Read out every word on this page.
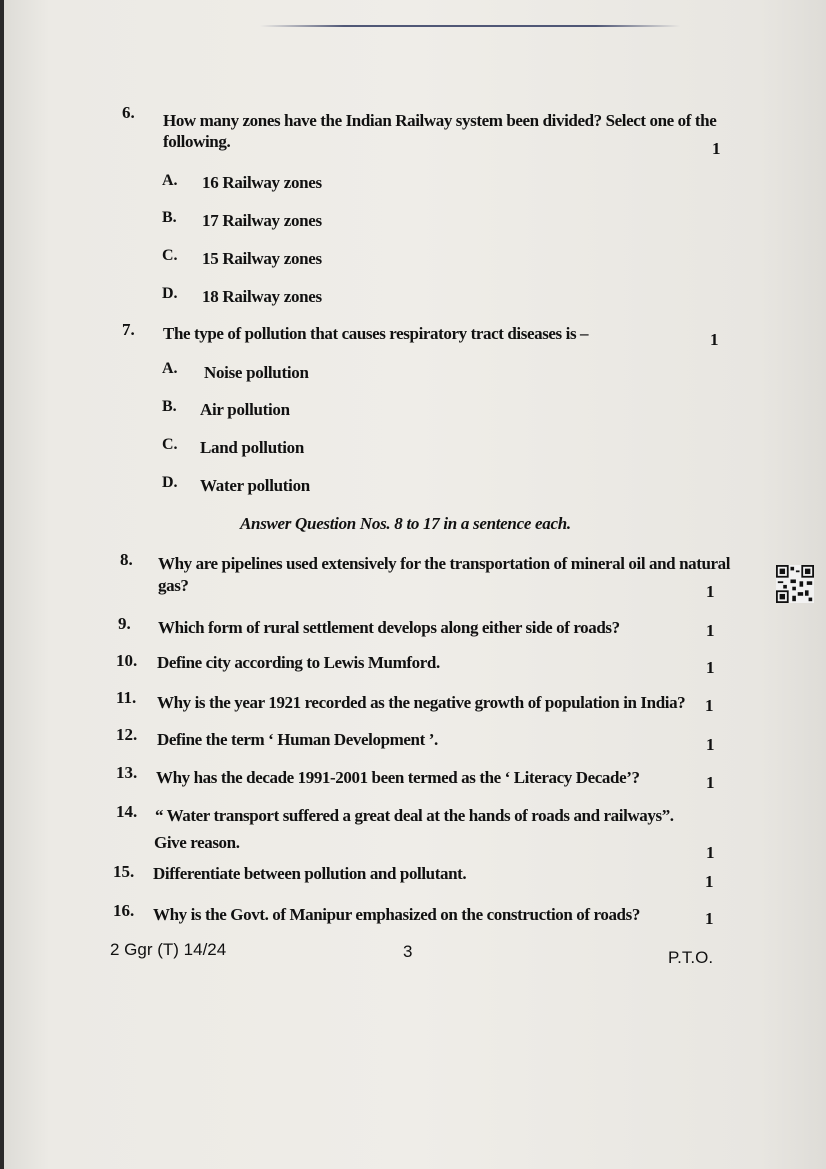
6. How many zones have the Indian Railway system been divided? Select one of the
following.	1
A. 16 Railway zones
B. 17 Railway zones
C. 15 Railway zones
D. 18 Railway zones
7. The type of pollution that causes respiratory tract diseases is –	1
A. Noise pollution
B. Air pollution
C. Land pollution
D. Water pollution
Answer Question Nos. 8 to 17 in a sentence each.
8. Why are pipelines used extensively for the transportation of mineral oil and natural
gas?	1
9. Which form of rural settlement develops along either side of roads?	1
10. Define city according to Lewis Mumford.	1
11. Why is the year 1921 recorded as the negative growth of population in India? 1
12. Define the term ‘ Human Development ’.	1
13. Why has the decade 1991-2001 been termed as the ‘ Literacy Decade’?	1
14. “ Water transport suffered a great deal at the hands of roads and railways”.
Give reason.
1
15. Differentiate between pollution and pollutant.	1
16. Why is the Govt. of Manipur emphasized on the construction of roads?	1
2 Ggr (T) 14/24	3	P.T.O.
